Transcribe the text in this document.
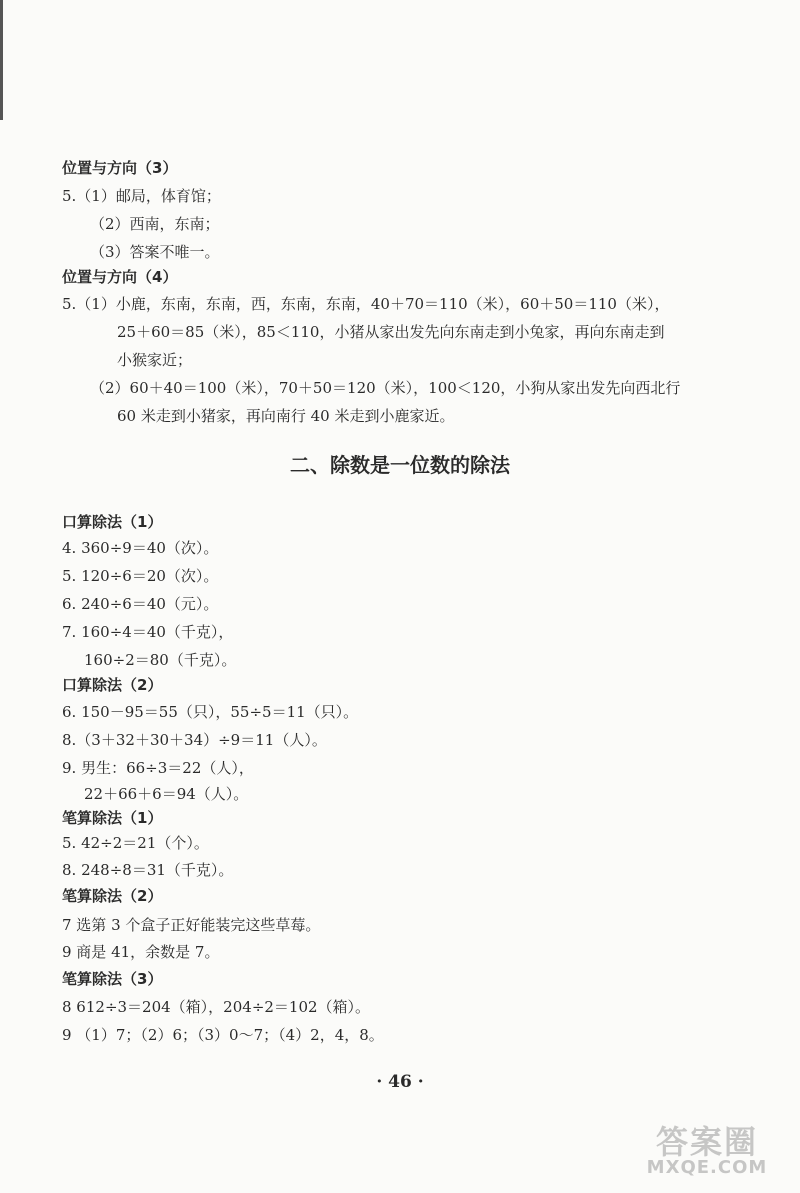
位置与方向（3）
5.（1）邮局，体育馆；
（2）西南，东南；
（3）答案不唯一。
位置与方向（4）
5.（1）小鹿，东南，东南，西，东南，东南，40＋70＝110（米），60＋50＝110（米），
25＋60＝85（米），85＜110，小猪从家出发先向东南走到小兔家，再向东南走到
小猴家近；
（2）60＋40＝100（米），70＋50＝120（米），100＜120，小狗从家出发先向西北行
60 米走到小猪家，再向南行 40 米走到小鹿家近。
二、除数是一位数的除法
口算除法（1）
4. 360÷9＝40（次）。
5. 120÷6＝20（次）。
6. 240÷6＝40（元）。
7. 160÷4＝40（千克），
160÷2＝80（千克）。
口算除法（2）
6. 150－95＝55（只），55÷5＝11（只）。
8.（3＋32＋30＋34）÷9＝11（人）。
9. 男生：66÷3＝22（人），
22＋66＋6＝94（人）。
笔算除法（1）
5. 42÷2＝21（个）。
8. 248÷8＝31（千克）。
笔算除法（2）
7 选第 3 个盒子正好能装完这些草莓。
9 商是 41，余数是 7。
笔算除法（3）
8 612÷3＝204（箱），204÷2＝102（箱）。
9 （1）7；（2）6；（3）0～7；（4）2，4，8。
· 46 ·
答案圈
MXQE.COM
